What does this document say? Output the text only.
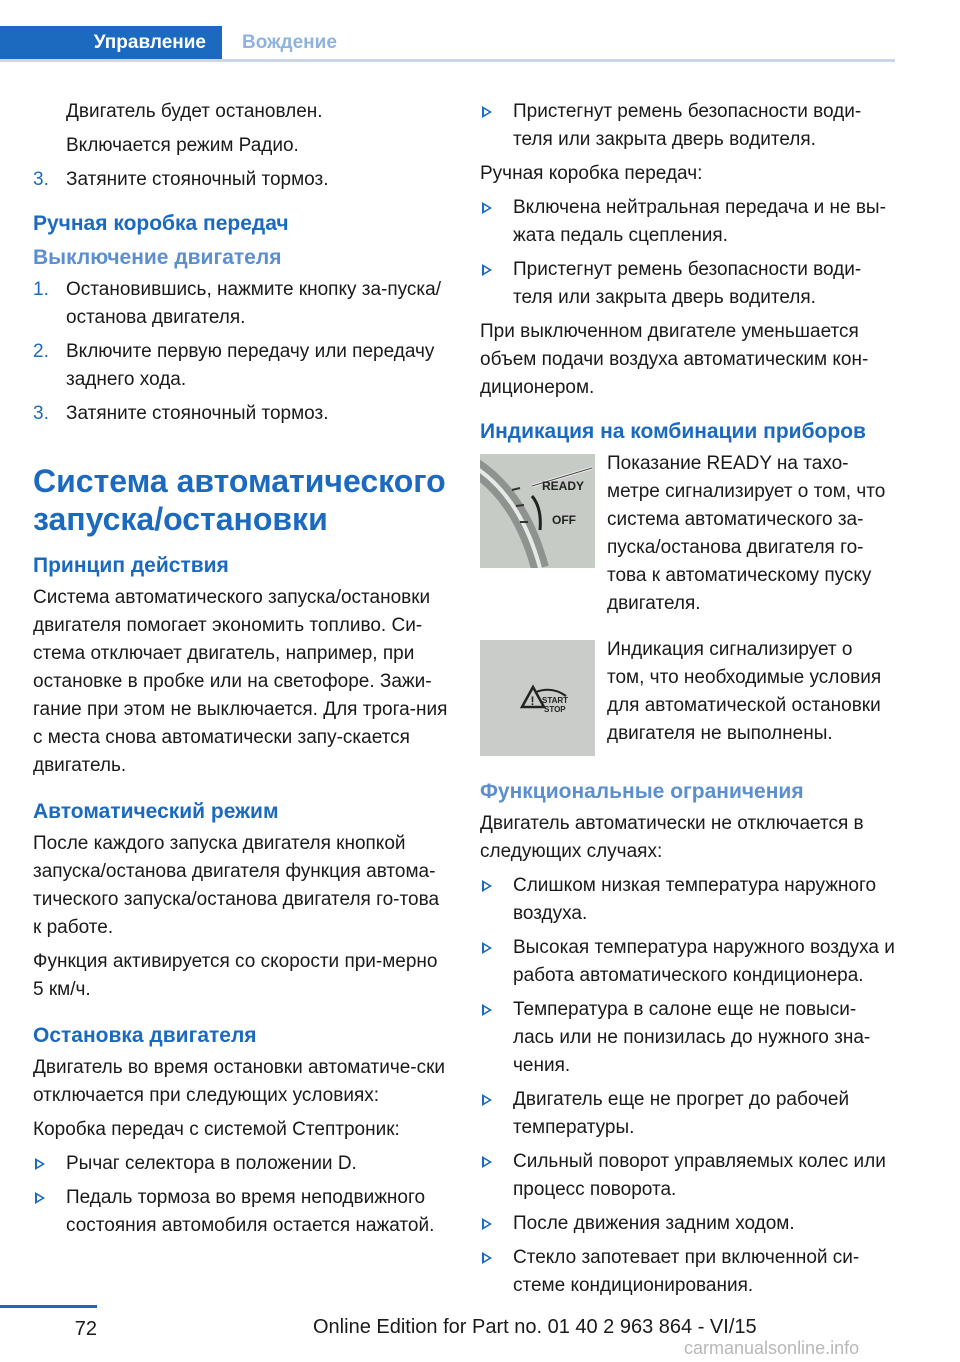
Управление	Вождение

Двигатель будет остановлен.

Включается режим Радио.

3. Затяните стояночный тормоз.
Ручная коробка передач
Выключение двигателя
1. Остановившись, нажмите кнопку за-пуска/останова двигателя.
2. Включите первую передачу или передачу заднего хода.
3. Затяните стояночный тормоз.
Система автоматического запуска/остановки
Принцип действия

Система автоматического запуска/остановки двигателя помогает экономить топливо. Си-стема отключает двигатель, например, при остановке в пробке или на светофоре. Зажи-гание при этом не выключается. Для трога-ния с места снова автоматически запу-скается двигатель.

Автоматический режим

После каждого запуска двигателя кнопкой запуска/останова двигателя функция автома-тического запуска/останова двигателя го-това к работе.

Функция активируется со скорости при-мерно 5 км/ч.

Остановка двигателя

Двигатель во время остановки автоматиче-ски отключается при следующих условиях:

Коробка передач с системой Стептроник:

Рычаг селектора в положении D.
Педаль тормоза во время неподвижного состояния автомобиля остается нажатой.
Пристегнут ремень безопасности води-теля или закрыта дверь водителя.

Ручная коробка передач:

Включена нейтральная передача и не вы-жата педаль сцепления.
Пристегнут ремень безопасности води-теля или закрыта дверь водителя.

При выключенном двигателе уменьшается объем подачи воздуха автоматическим кон-диционером.

Индикация на комбинации приборов
READY
OFF
Показание READY на тахо-метре сигнализирует о том, что система автоматического за-пуска/останова двигателя го-това к автоматическому пуску двигателя.
! START
STOP
Индикация сигнализирует о том, что необходимые условия для автоматической остановки двигателя не выполнены.
Функциональные ограничения

Двигатель автоматически не отключается в следующих случаях:

Слишком низкая температура наружного воздуха.
Высокая температура наружного воздуха и работа автоматического кондиционера.
Температура в салоне еще не повыси-лась или не понизилась до нужного зна-чения.
Двигатель еще не прогрет до рабочей температуры.
Сильный поворот управляемых колес или процесс поворота.
После движения задним ходом.
Стекло запотевает при включенной си-стеме кондиционирования.
72	Online Edition for Part no. 01 40 2 963 864 - VI/15
carmanualsonline.info
